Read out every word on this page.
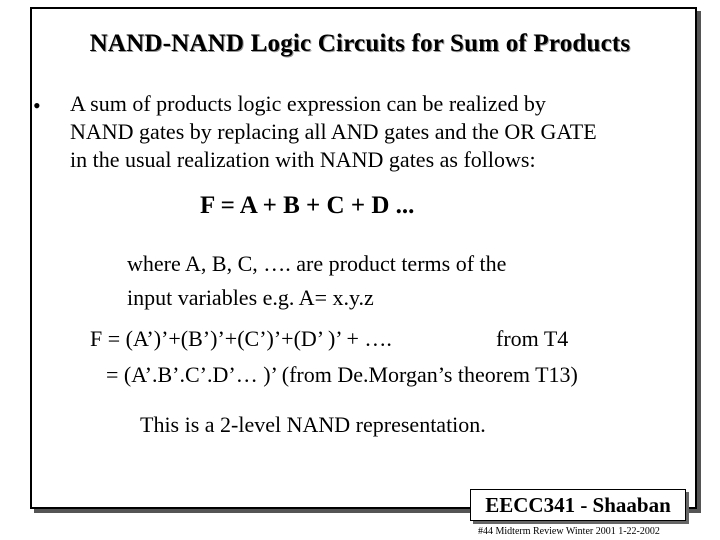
NAND-NAND Logic Circuits for Sum of Products
• A sum of products logic expression can be realized by
NAND gates by replacing all AND gates and the OR GATE
in the usual realization with NAND gates as follows:
F = A + B + C + D ...
where A, B, C, …. are product terms of the
input variables e.g. A= x.y.z
F = (A’)’+(B’)’+(C’)’+(D’ )’ + ….	from T4
= (A’.B’.C’.D’… )’ (from De.Morgan’s theorem T13)
This is a 2-level NAND representation.
EECC341 - Shaaban
#44 Midterm Review Winter 2001 1-22-2002
